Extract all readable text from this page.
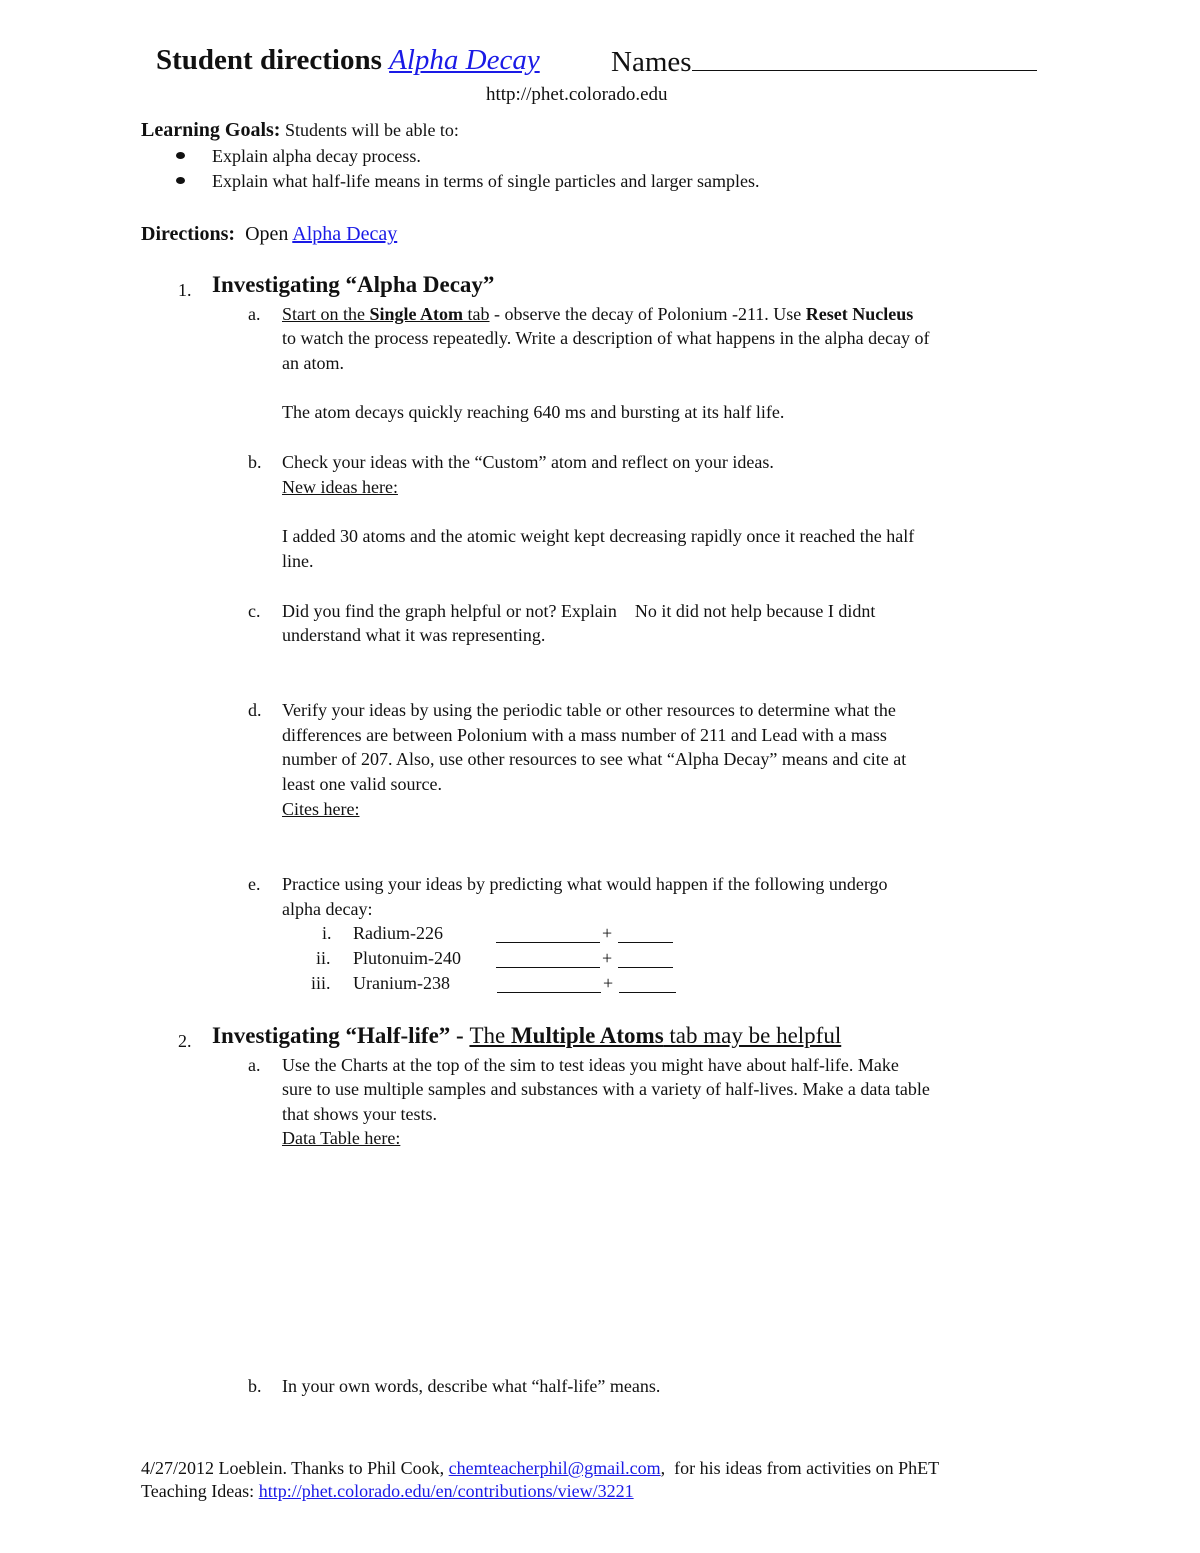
Student directions Alpha Decay Names
http://phet.colorado.edu
Learning Goals: Students will be able to:
Explain alpha decay process.
Explain what half-life means in terms of single particles and larger samples.
Directions:  Open Alpha Decay
1. Investigating “Alpha Decay”
a. Start on the Single Atom tab - observe the decay of Polonium -211. Use Reset Nucleus
to watch the process repeatedly. Write a description of what happens in the alpha decay of
an atom.
The atom decays quickly reaching 640 ms and bursting at its half life.
b. Check your ideas with the “Custom” atom and reflect on your ideas.
New ideas here:
I added 30 atoms and the atomic weight kept decreasing rapidly once it reached the half
line.
c. Did you find the graph helpful or not? Explain    No it did not help because I didnt
understand what it was representing.
d. Verify your ideas by using the periodic table or other resources to determine what the
differences are between Polonium with a mass number of 211 and Lead with a mass
number of 207. Also, use other resources to see what “Alpha Decay” means and cite at
least one valid source.
Cites here:
e. Practice using your ideas by predicting what would happen if the following undergo
alpha decay:
i. Radium-226	+
ii. Plutonuim-240	+
iii. Uranium-238	+
2. Investigating “Half-life” - The Multiple Atoms tab may be helpful
a. Use the Charts at the top of the sim to test ideas you might have about half-life. Make
sure to use multiple samples and substances with a variety of half-lives. Make a data table
that shows your tests.
Data Table here:
b. In your own words, describe what “half-life” means.
4/27/2012 Loeblein. Thanks to Phil Cook, chemteacherphil@gmail.com,  for his ideas from activities on PhET
Teaching Ideas: http://phet.colorado.edu/en/contributions/view/3221
